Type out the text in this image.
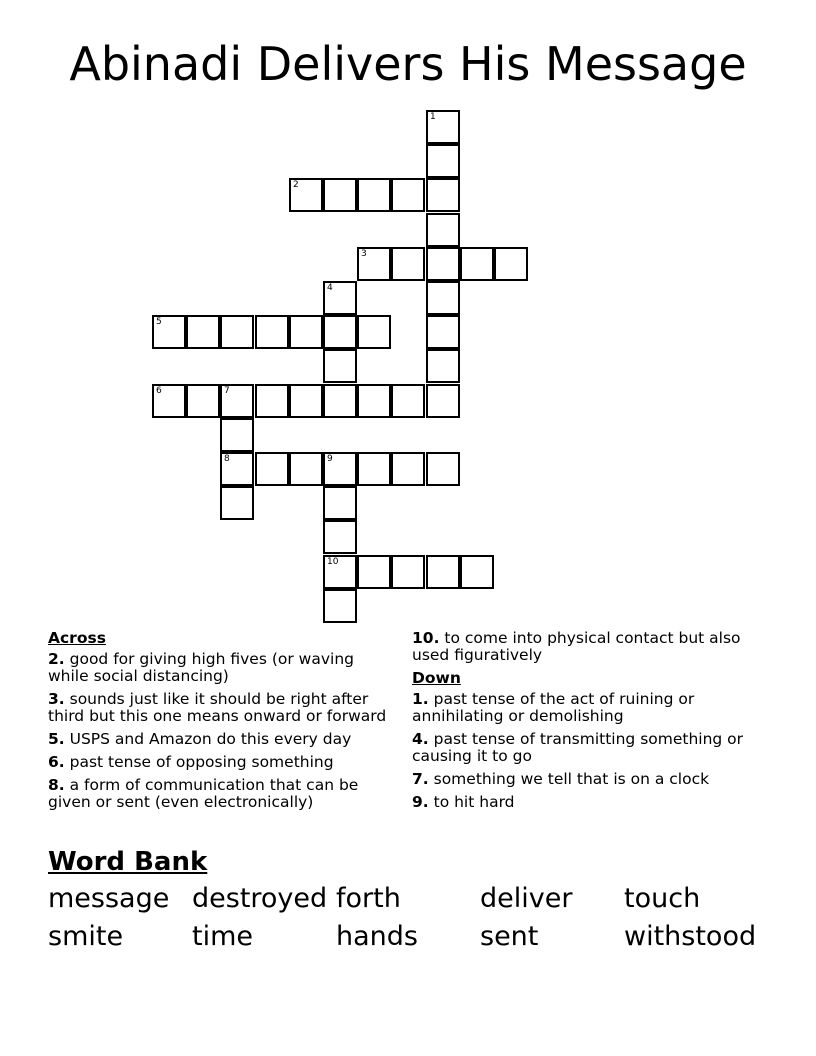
Abinadi Delivers His Message
1
2
3
4
5
6	7
8	9
10
Across
2. good for giving high fives (or waving while social distancing)
3. sounds just like it should be right after third but this one means onward or forward
5. USPS and Amazon do this every day
6. past tense of opposing something
8. a form of communication that can be given or sent (even electronically)
10. to come into physical contact but also used figuratively
Down
1. past tense of the act of ruining or annihilating or demolishing
4. past tense of transmitting something or causing it to go
7. something we tell that is on a clock
9. to hit hard
Word Bank
message destroyed forth	deliver touch
smite	time	hands sent	withstood
